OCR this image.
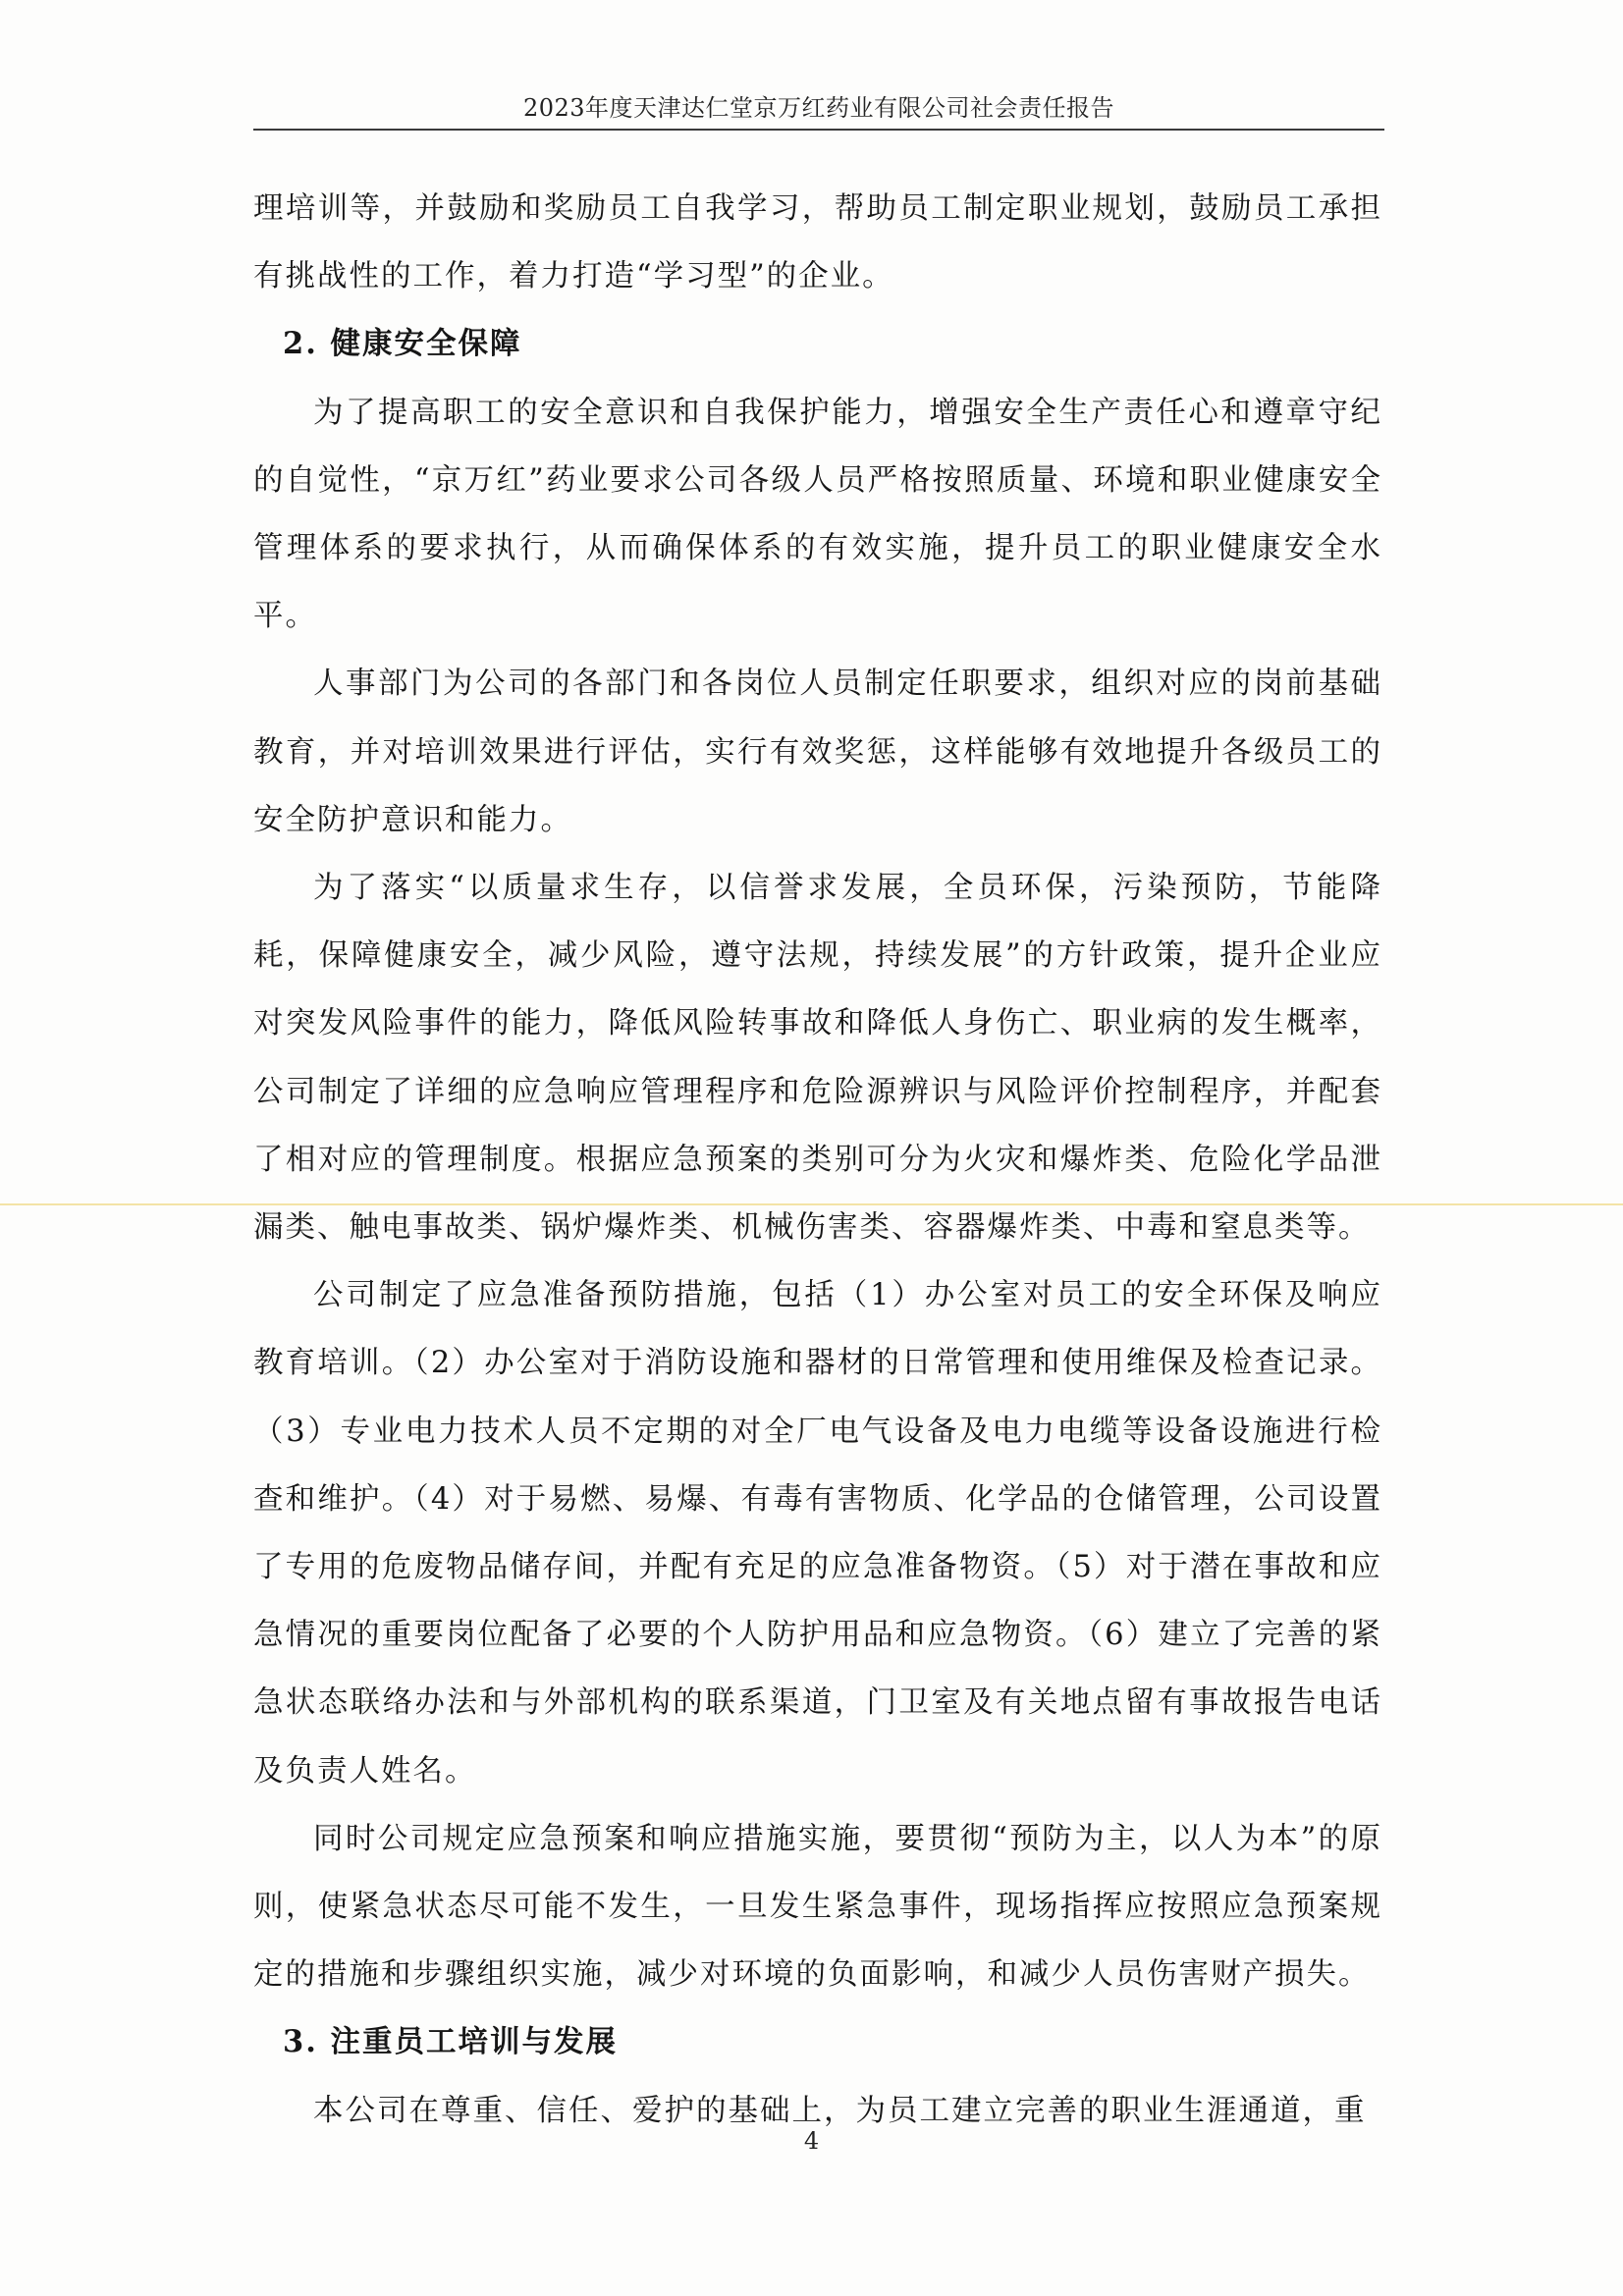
2023年度天津达仁堂京万红药业有限公司社会责任报告

理培训等，并鼓励和奖励员工自我学习，帮助员工制定职业规划，鼓励员工承担有挑战性的工作，着力打造“学习型”的企业。

2. 健康安全保障

为了提高职工的安全意识和自我保护能力，增强安全生产责任心和遵章守纪的自觉性，“京万红”药业要求公司各级人员严格按照质量、环境和职业健康安全管理体系的要求执行，从而确保体系的有效实施，提升员工的职业健康安全水平。

人事部门为公司的各部门和各岗位人员制定任职要求，组织对应的岗前基础教育，并对培训效果进行评估，实行有效奖惩，这样能够有效地提升各级员工的安全防护意识和能力。

为了落实“以质量求生存，以信誉求发展，全员环保，污染预防，节能降耗，保障健康安全，减少风险，遵守法规，持续发展”的方针政策，提升企业应对突发风险事件的能力，降低风险转事故和降低人身伤亡、职业病的发生概率，公司制定了详细的应急响应管理程序和危险源辨识与风险评价控制程序，并配套了相对应的管理制度。根据应急预案的类别可分为火灾和爆炸类、危险化学品泄漏类、触电事故类、锅炉爆炸类、机械伤害类、容器爆炸类、中毒和窒息类等。

公司制定了应急准备预防措施，包括（1）办公室对员工的安全环保及响应教育培训。（2）办公室对于消防设施和器材的日常管理和使用维保及检查记录。（3）专业电力技术人员不定期的对全厂电气设备及电力电缆等设备设施进行检查和维护。（4）对于易燃、易爆、有毒有害物质、化学品的仓储管理，公司设置了专用的危废物品储存间，并配有充足的应急准备物资。（5）对于潜在事故和应急情况的重要岗位配备了必要的个人防护用品和应急物资。（6）建立了完善的紧急状态联络办法和与外部机构的联系渠道，门卫室及有关地点留有事故报告电话及负责人姓名。

同时公司规定应急预案和响应措施实施，要贯彻“预防为主，以人为本”的原则，使紧急状态尽可能不发生，一旦发生紧急事件，现场指挥应按照应急预案规定的措施和步骤组织实施，减少对环境的负面影响，和减少人员伤害财产损失。

3. 注重员工培训与发展

本公司在尊重、信任、爱护的基础上，为员工建立完善的职业生涯通道，重

4
